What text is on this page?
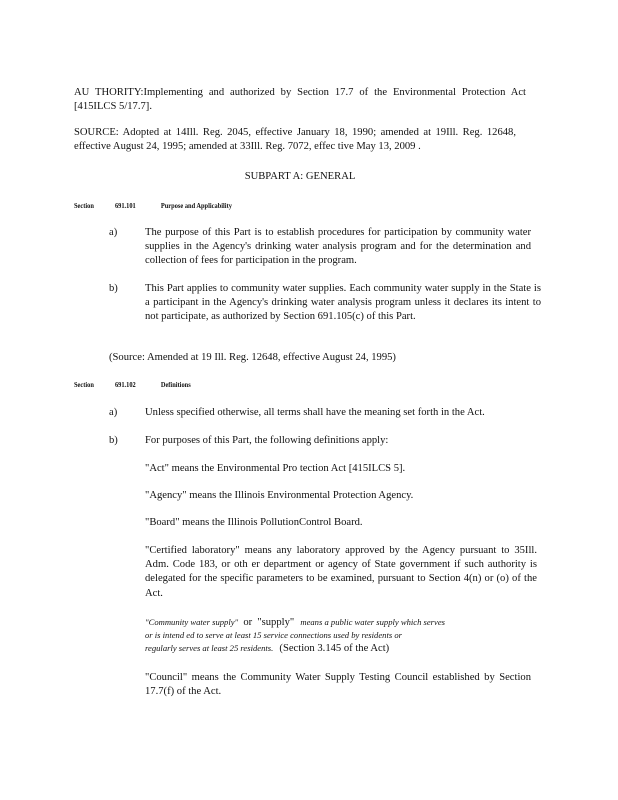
AU THORITY:Implementing and authorized by Section 17.7 of the Environmental Protection Act [415ILCS 5/17.7].

SOURCE: Adopted at 14Ill. Reg. 2045, effective January 18, 1990; amended at 19Ill. Reg. 12648, effective August 24, 1995; amended at 33Ill. Reg. 7072, effec tive May 13, 2009 .

SUBPART A: GENERAL

Section	691.101	Purpose and Applicability
a)	The purpose of this Part is to establish procedures for participation by community water supplies in the Agency's drinking water analysis program and for the determination and collection of fees for participation in the program.
b)	This Part applies to community water supplies. Each community water supply in the State is a participant in the Agency's drinking water analysis program unless it declares its intent to not participate, as authorized by Section 691.105(c) of this Part.
(Source: Amended at 19 Ill. Reg. 12648, effective August 24, 1995)
Section	691.102	Definitions
a)	Unless specified otherwise, all terms shall have the meaning set forth in the Act.
b)	For purposes of this Part, the following definitions apply:
"Act" means the Environmental Pro tection Act [415ILCS 5].
"Agency" means the Illinois Environmental Protection Agency.
"Board" means the Illinois PollutionControl Board.
"Certified laboratory" means any laboratory approved by the Agency pursuant to 35Ill. Adm. Code 183, or oth er department or agency of State government if such authority is delegated for the specific parameters to be examined, pursuant to Section 4(n) or (o) of the Act.
"Community water supply" or "supply" means a public water supply which serves
or is intend ed to serve at least 15 service connections used by residents or
regularly serves at least 25 residents. (Section 3.145 of the Act)
"Council" means the Community Water Supply Testing Council established by Section 17.7(f) of the Act.
